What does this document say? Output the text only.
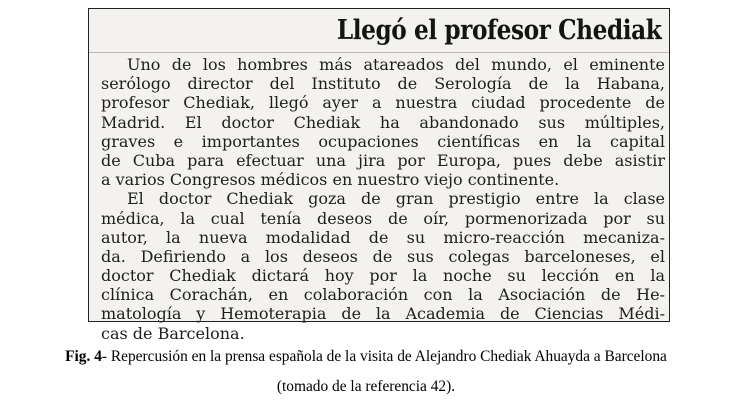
Llegó el profesor Chediak
Uno de los hombres más atareados del mundo, el eminente
serólogo director del Instituto de Serología de la Habana,
profesor Chediak, llegó ayer a nuestra ciudad procedente de
Madrid. El doctor Chediak ha abandonado sus múltiples,
graves e importantes ocupaciones científicas en la capital
de Cuba para efectuar una jira por Europa, pues debe asistir
a varios Congresos médicos en nuestro viejo continente.
El doctor Chediak goza de gran prestigio entre la clase
médica, la cual tenía deseos de oír, pormenorizada por su
autor, la nueva modalidad de su micro-reacción mecaniza-
da. Defiriendo a los deseos de sus colegas barceloneses, el
doctor Chediak dictará hoy por la noche su lección en la
clínica Corachán, en colaboración con la Asociación de He-
matología y Hemoterapia de la Academia de Ciencias Médi-
cas de Barcelona.
Fig. 4- Repercusión en la prensa española de la visita de Alejandro Chediak Ahuayda a Barcelona
(tomado de la referencia 42).
